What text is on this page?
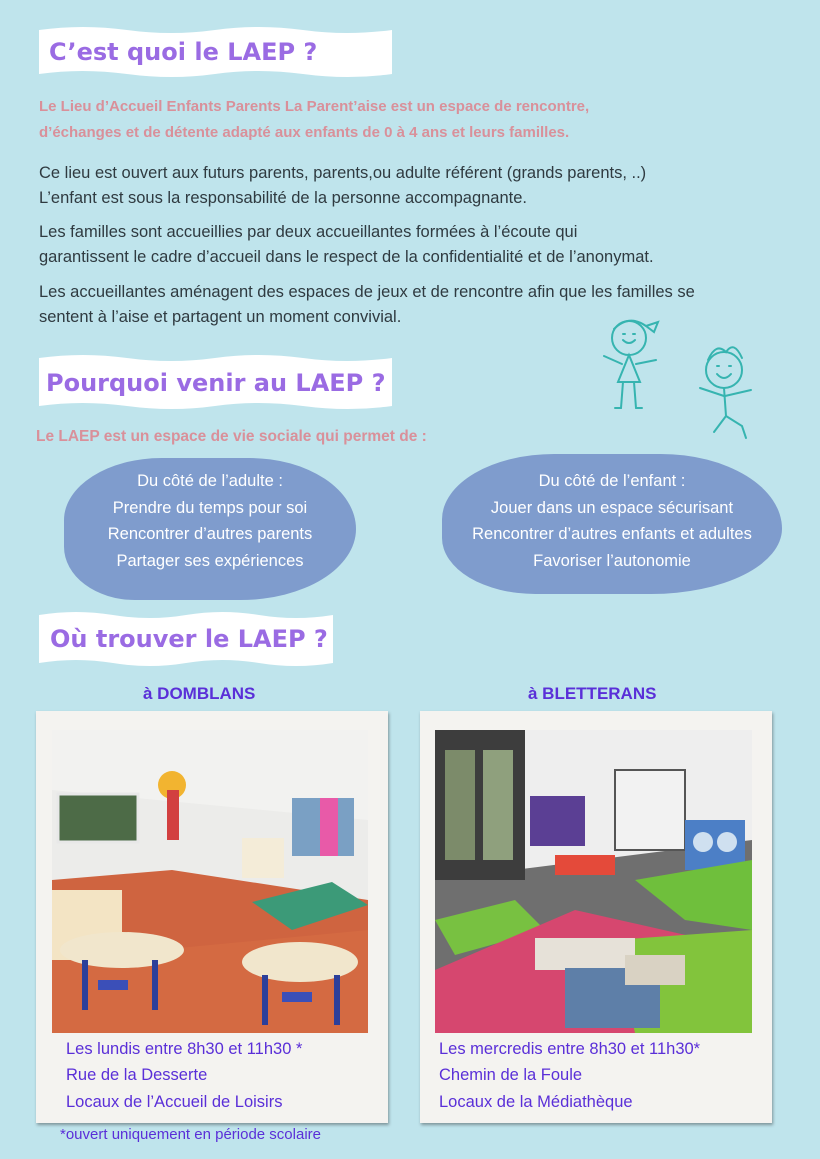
C’est quoi le LAEP ?
Le Lieu d’Accueil Enfants Parents La Parent’aise est un espace de rencontre,
d’échanges et de détente adapté aux enfants de 0 à 4 ans et leurs familles.
Ce lieu est ouvert aux futurs parents, parents,ou adulte référent (grands parents, ..)
L’enfant est sous la responsabilité de la personne accompagnante.
Les familles sont accueillies par deux accueillantes formées à l’écoute qui
garantissent le cadre d’accueil dans le respect de la confidentialité et de l’anonymat.
Les accueillantes aménagent des espaces de jeux et de rencontre afin que les familles se
sentent à l’aise et partagent un moment convivial.
Pourquoi venir au LAEP ?
Le LAEP est un espace de vie sociale qui permet de :
Du côté de l’adulte :
Prendre du temps pour soi
Rencontrer d’autres parents
Partager ses expériences
Du côté de l’enfant :
Jouer dans un espace sécurisant
Rencontrer d’autres enfants et adultes
Favoriser l’autonomie
Où trouver le LAEP ?
à DOMBLANS	à BLETTERANS
Les lundis entre 8h30 et 11h30 *
Rue de la Desserte
Locaux de l’Accueil de Loisirs
Les mercredis entre 8h30 et 11h30*
Chemin de la Foule
Locaux de la Médiathèque
*ouvert uniquement en période scolaire
